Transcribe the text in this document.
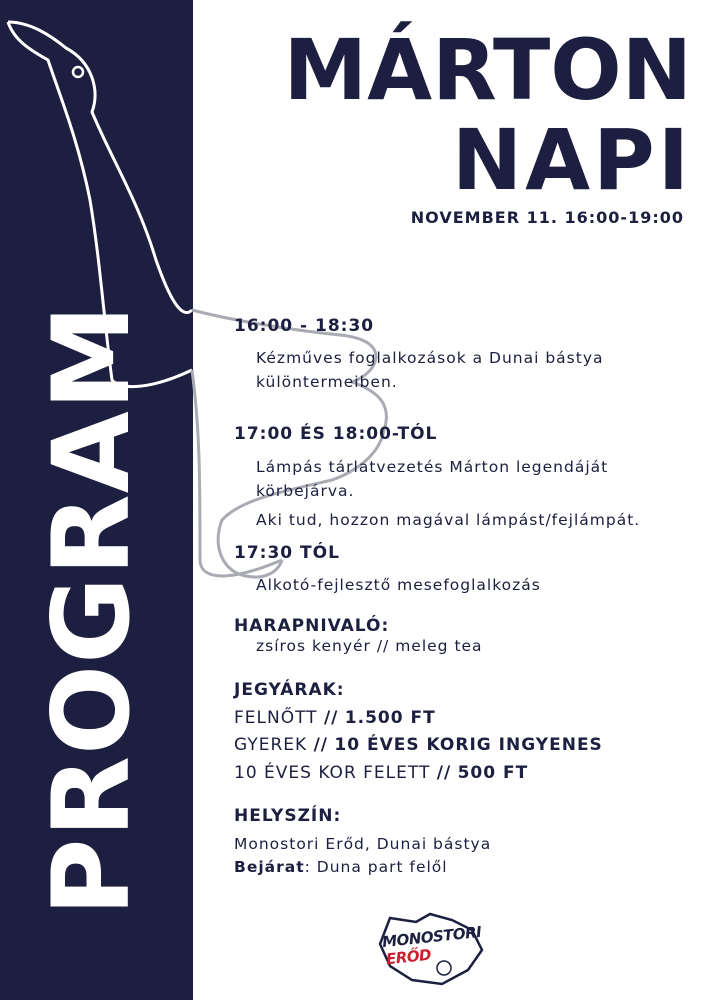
PROGRAM
MÁRTON
NAPI
NOVEMBER 11. 16:00-19:00
16:00 - 18:30
Kézműves foglalkozások a Dunai bástya
különtermeiben.
17:00 ÉS 18:00-TÓL
Lámpás tárlatvezetés Márton legendáját
körbejárva.
Aki tud, hozzon magával lámpást/fejlámpát.
17:30 TÓL
Alkotó-fejlesztő mesefoglalkozás
HARAPNIVALÓ:
zsíros kenyér // meleg tea
JEGYÁRAK:
FELNŐTT // 1.500 FT
GYEREK // 10 ÉVES KORIG INGYENES
10 ÉVES KOR FELETT // 500 FT
HELYSZÍN:
Monostori Erőd, Dunai bástya
Bejárat: Duna part felől
MONOSTORI
ERŐD
